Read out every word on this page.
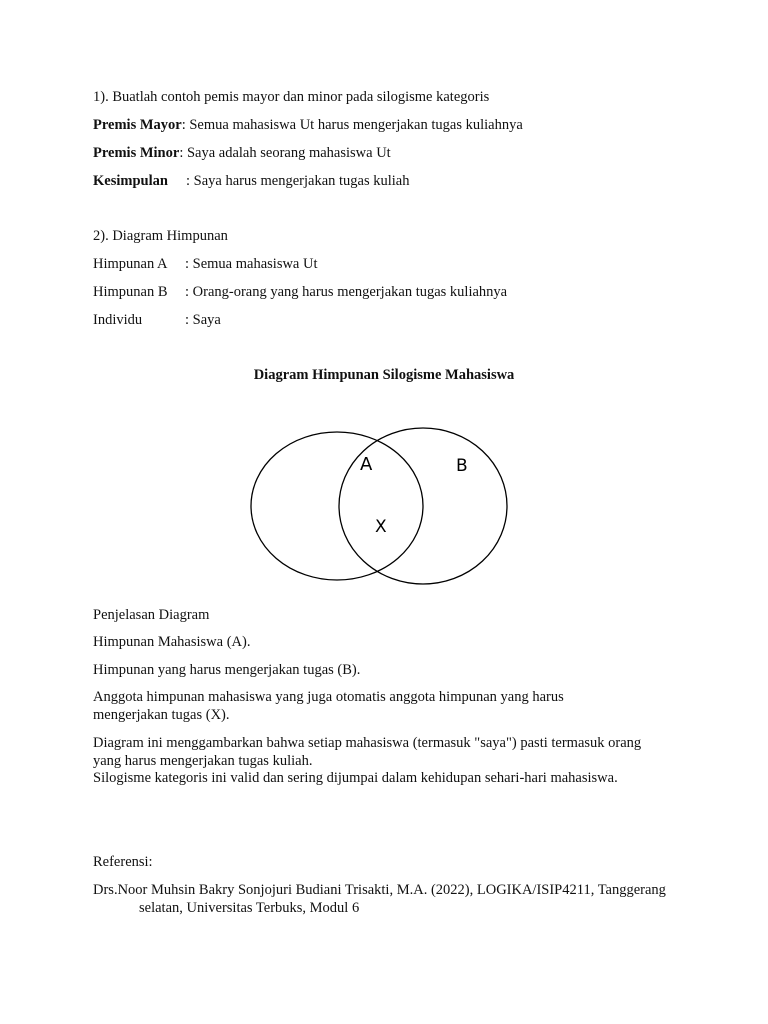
1). Buatlah contoh pemis mayor dan minor pada silogisme kategoris
Premis Mayor: Semua mahasiswa Ut harus mengerjakan tugas kuliahnya
Premis Minor: Saya adalah seorang mahasiswa Ut
Kesimpulan : Saya harus mengerjakan tugas kuliah
2). Diagram Himpunan
Himpunan A : Semua mahasiswa Ut
Himpunan B : Orang-orang yang harus mengerjakan tugas kuliahnya
Individu	: Saya
Diagram Himpunan Silogisme Mahasiswa
A	B
X
Penjelasan Diagram
Himpunan Mahasiswa (A).
Himpunan yang harus mengerjakan tugas (B).
Anggota himpunan mahasiswa yang juga otomatis anggota himpunan yang harus mengerjakan tugas (X).
Diagram ini menggambarkan bahwa setiap mahasiswa (termasuk "saya") pasti termasuk orang yang harus mengerjakan tugas kuliah.
Silogisme kategoris ini valid dan sering dijumpai dalam kehidupan sehari-hari mahasiswa.
Referensi:
Drs.Noor Muhsin Bakry Sonjojuri Budiani Trisakti, M.A. (2022), LOGIKA/ISIP4211, Tanggerang selatan, Universitas Terbuks, Modul 6
